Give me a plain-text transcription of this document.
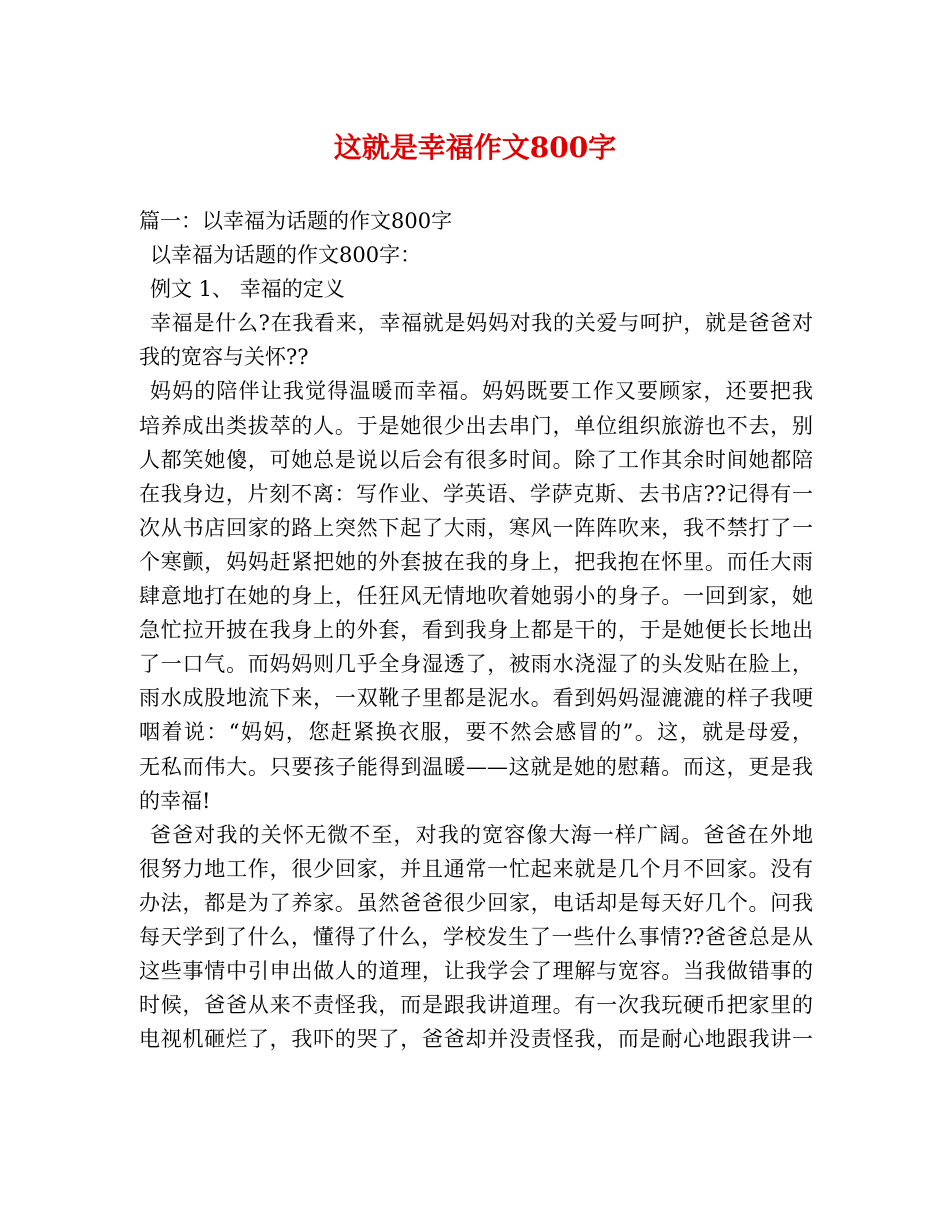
这就是幸福作文800字
篇一：以幸福为话题的作文800字
以幸福为话题的作文800字：
例文 1、 幸福的定义
幸福是什么?在我看来，幸福就是妈妈对我的关爱与呵护，就是爸爸对
我的宽容与关怀??
妈妈的陪伴让我觉得温暖而幸福。妈妈既要工作又要顾家，还要把我
培养成出类拔萃的人。于是她很少出去串门，单位组织旅游也不去，别
人都笑她傻，可她总是说以后会有很多时间。除了工作其余时间她都陪
在我身边，片刻不离：写作业、学英语、学萨克斯、去书店??记得有一
次从书店回家的路上突然下起了大雨，寒风一阵阵吹来，我不禁打了一
个寒颤，妈妈赶紧把她的外套披在我的身上，把我抱在怀里。而任大雨
肆意地打在她的身上，任狂风无情地吹着她弱小的身子。一回到家，她
急忙拉开披在我身上的外套，看到我身上都是干的，于是她便长长地出
了一口气。而妈妈则几乎全身湿透了，被雨水浇湿了的头发贴在脸上，
雨水成股地流下来，一双靴子里都是泥水。看到妈妈湿漉漉的样子我哽
咽着说：“妈妈，您赶紧换衣服，要不然会感冒的”。这，就是母爱，
无私而伟大。只要孩子能得到温暖——这就是她的慰藉。而这，更是我
的幸福!
爸爸对我的关怀无微不至，对我的宽容像大海一样广阔。爸爸在外地
很努力地工作，很少回家，并且通常一忙起来就是几个月不回家。没有
办法，都是为了养家。虽然爸爸很少回家，电话却是每天好几个。问我
每天学到了什么，懂得了什么，学校发生了一些什么事情??爸爸总是从
这些事情中引申出做人的道理，让我学会了理解与宽容。当我做错事的
时候，爸爸从来不责怪我，而是跟我讲道理。有一次我玩硬币把家里的
电视机砸烂了，我吓的哭了，爸爸却并没责怪我，而是耐心地跟我讲一
